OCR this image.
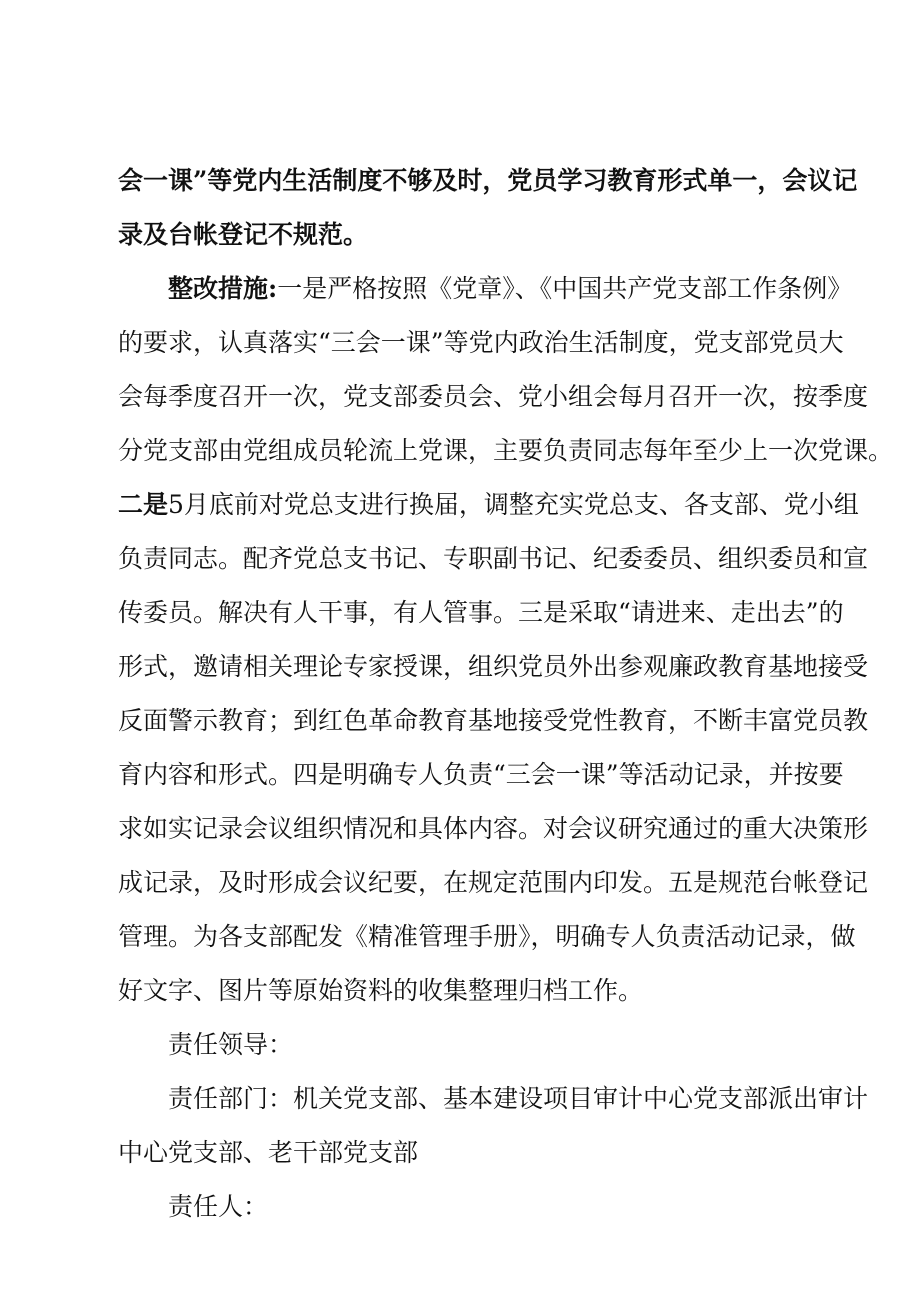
会一课”等党内生活制度不够及时，党员学习教育形式单一，会议记
录及台帐登记不规范。
整改措施:一是严格按照《党章》、《中国共产党支部工作条例》
的要求，认真落实“三会一课”等党内政治生活制度，党支部党员大
会每季度召开一次，党支部委员会、党小组会每月召开一次，按季度
分党支部由党组成员轮流上党课，主要负责同志每年至少上一次党课。
二是5月底前对党总支进行换届，调整充实党总支、各支部、党小组
负责同志。配齐党总支书记、专职副书记、纪委委员、组织委员和宣
传委员。解决有人干事，有人管事。三是采取“请进来、走出去”的
形式，邀请相关理论专家授课，组织党员外出参观廉政教育基地接受
反面警示教育；到红色革命教育基地接受党性教育，不断丰富党员教
育内容和形式。四是明确专人负责“三会一课”等活动记录，并按要
求如实记录会议组织情况和具体内容。对会议研究通过的重大决策形
成记录，及时形成会议纪要，在规定范围内印发。五是规范台帐登记
管理。为各支部配发《精准管理手册》，明确专人负责活动记录，做
好文字、图片等原始资料的收集整理归档工作。
责任领导：
责任部门：机关党支部、基本建设项目审计中心党支部派出审计
中心党支部、老干部党支部
责任人：
